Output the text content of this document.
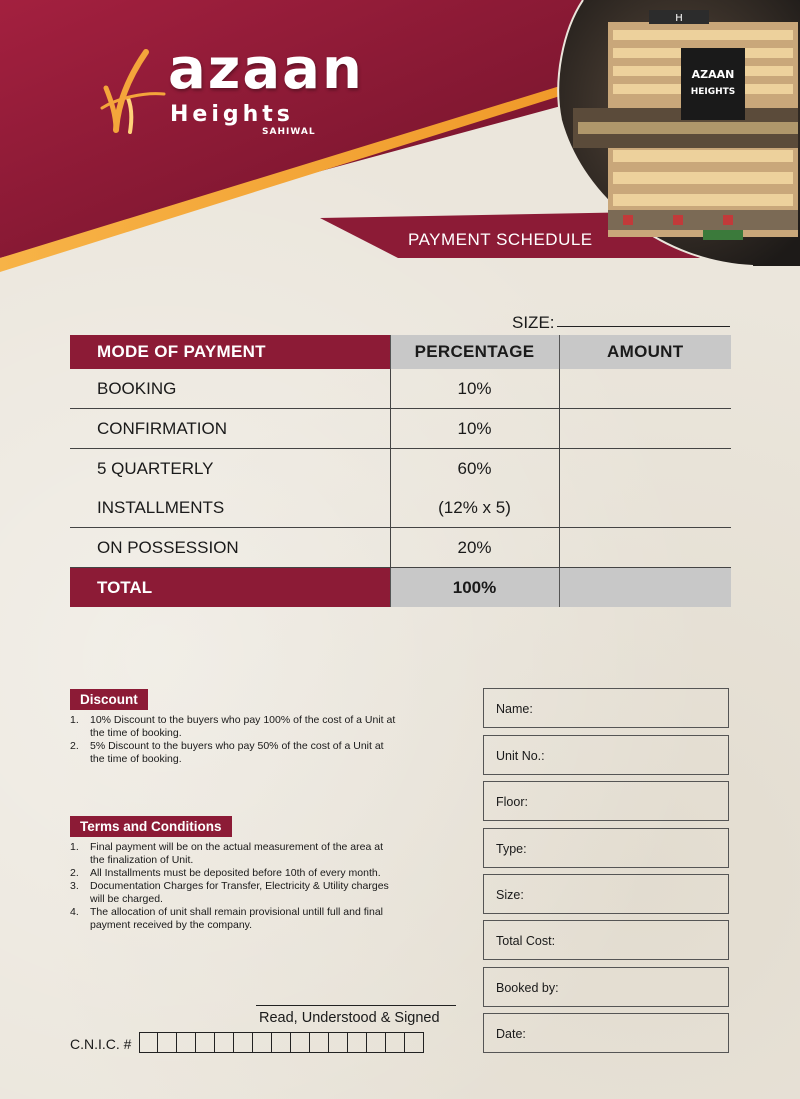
H
AZAAN
HEIGHTS
azaan
Heights
SAHIWAL
PAYMENT SCHEDULE
SIZE:
MODE OF PAYMENT	PERCENTAGE	AMOUNT
BOOKING	10%	
CONFIRMATION	10%	
5 QUARTERLY	60%	
INSTALLMENTS	(12% x 5)	
ON POSSESSION	20%	
TOTAL	100%	
Discount
1.	10% Discount to the buyers who pay 100% of the cost of a Unit at the time of booking.
2.	5% Discount to the buyers who pay 50% of the cost of a Unit at the time of booking.
Terms and Conditions
1.	Final payment will be on the actual measurement of the area at the finalization of Unit.
2.	All Installments must be deposited before 10th of every month.
3.	Documentation Charges for Transfer, Electricity & Utility charges will be charged.
4.	The allocation of unit shall remain provisional untill full and final payment received by the company.
Name:
Unit No.:
Floor:
Type:
Size:
Total Cost:
Booked by:
Date:
Read, Understood & Signed
C.N.I.C. #
